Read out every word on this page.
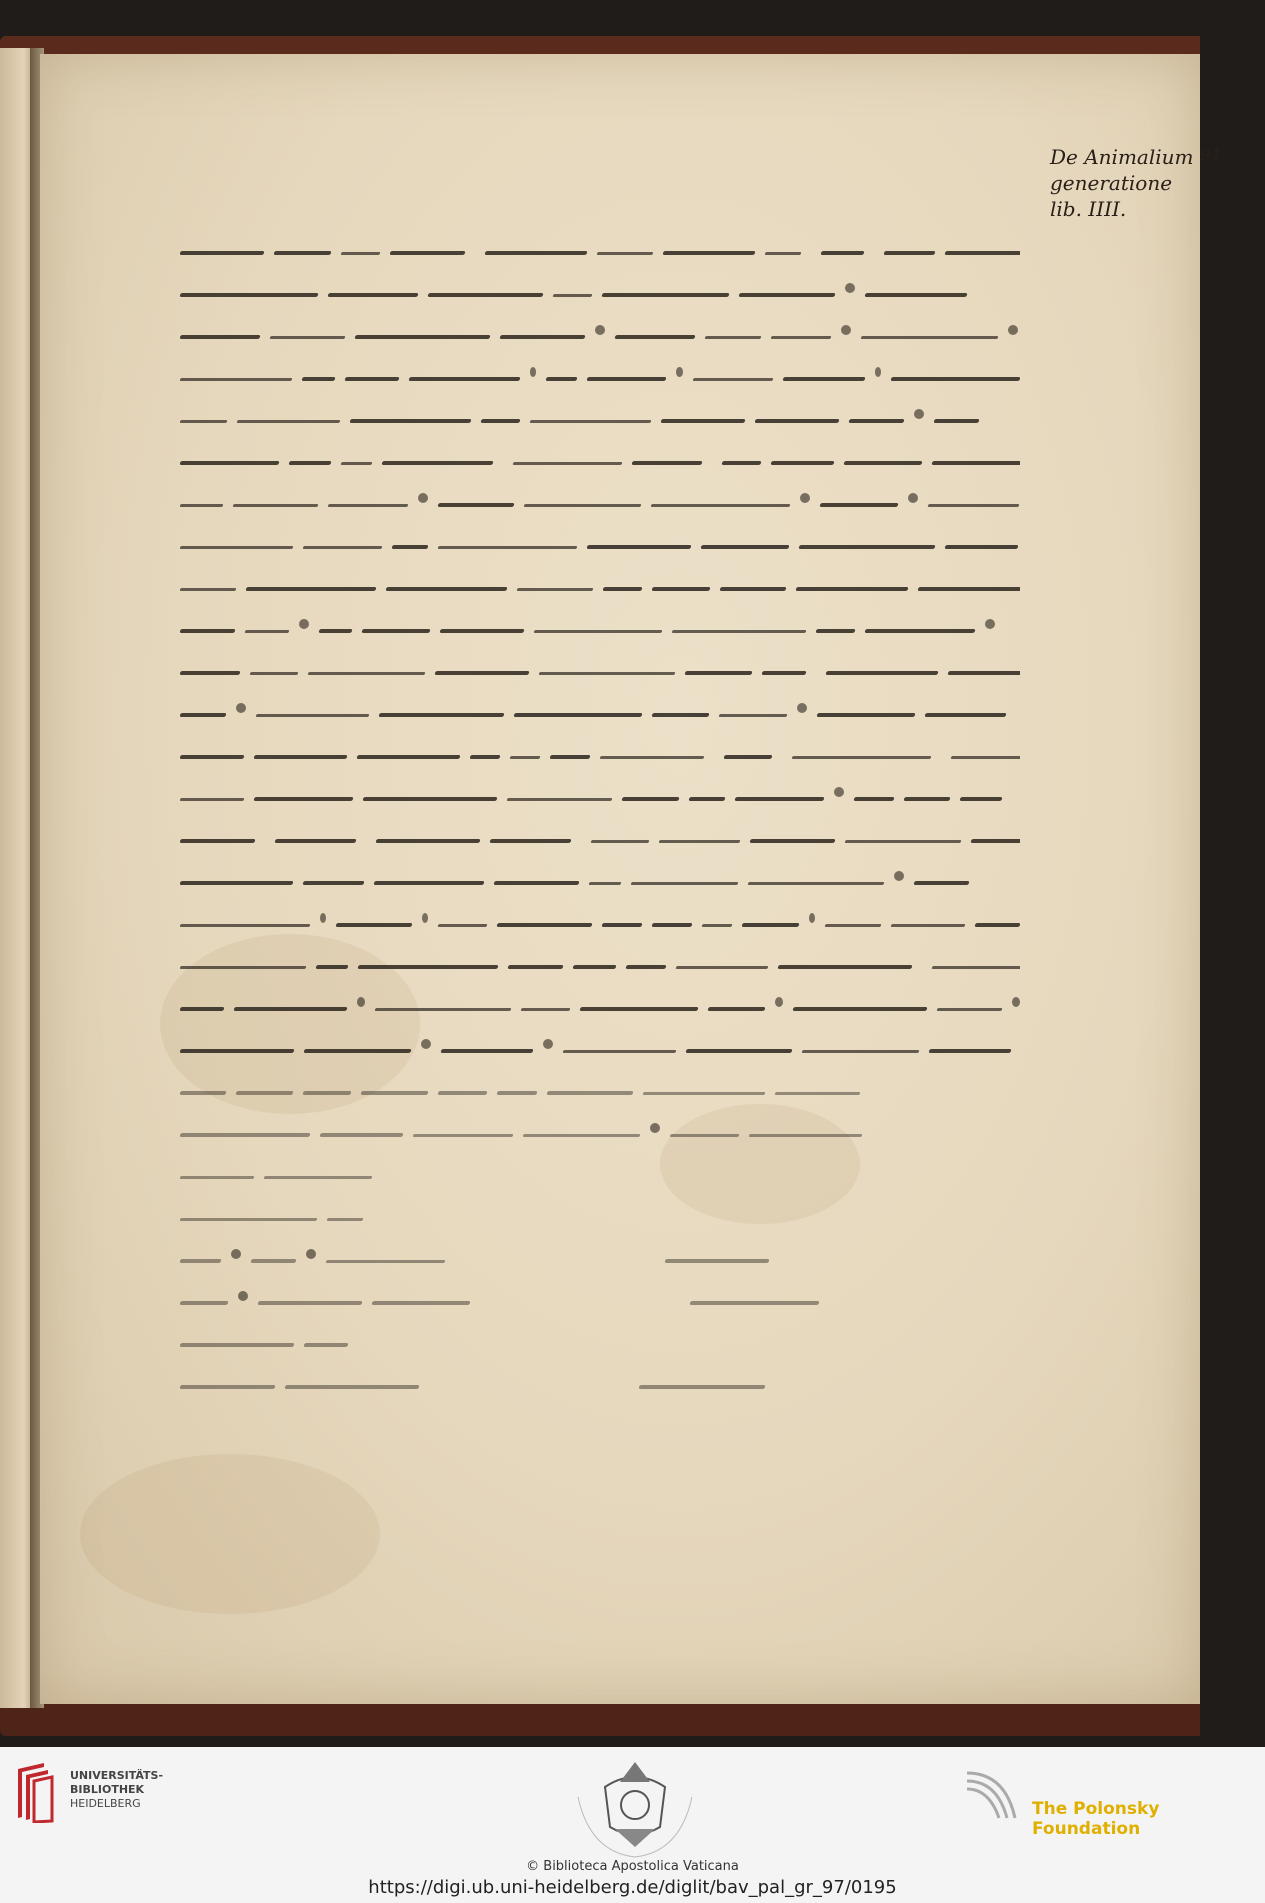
94
De Animalium
generatione
lib. IIII.
UNIVERSITÄTS-
BIBLIOTHEK
HEIDELBERG	The Polonsky Foundation
© Biblioteca Apostolica Vaticana
https://digi.ub.uni-heidelberg.de/diglit/bav_pal_gr_97/0195
